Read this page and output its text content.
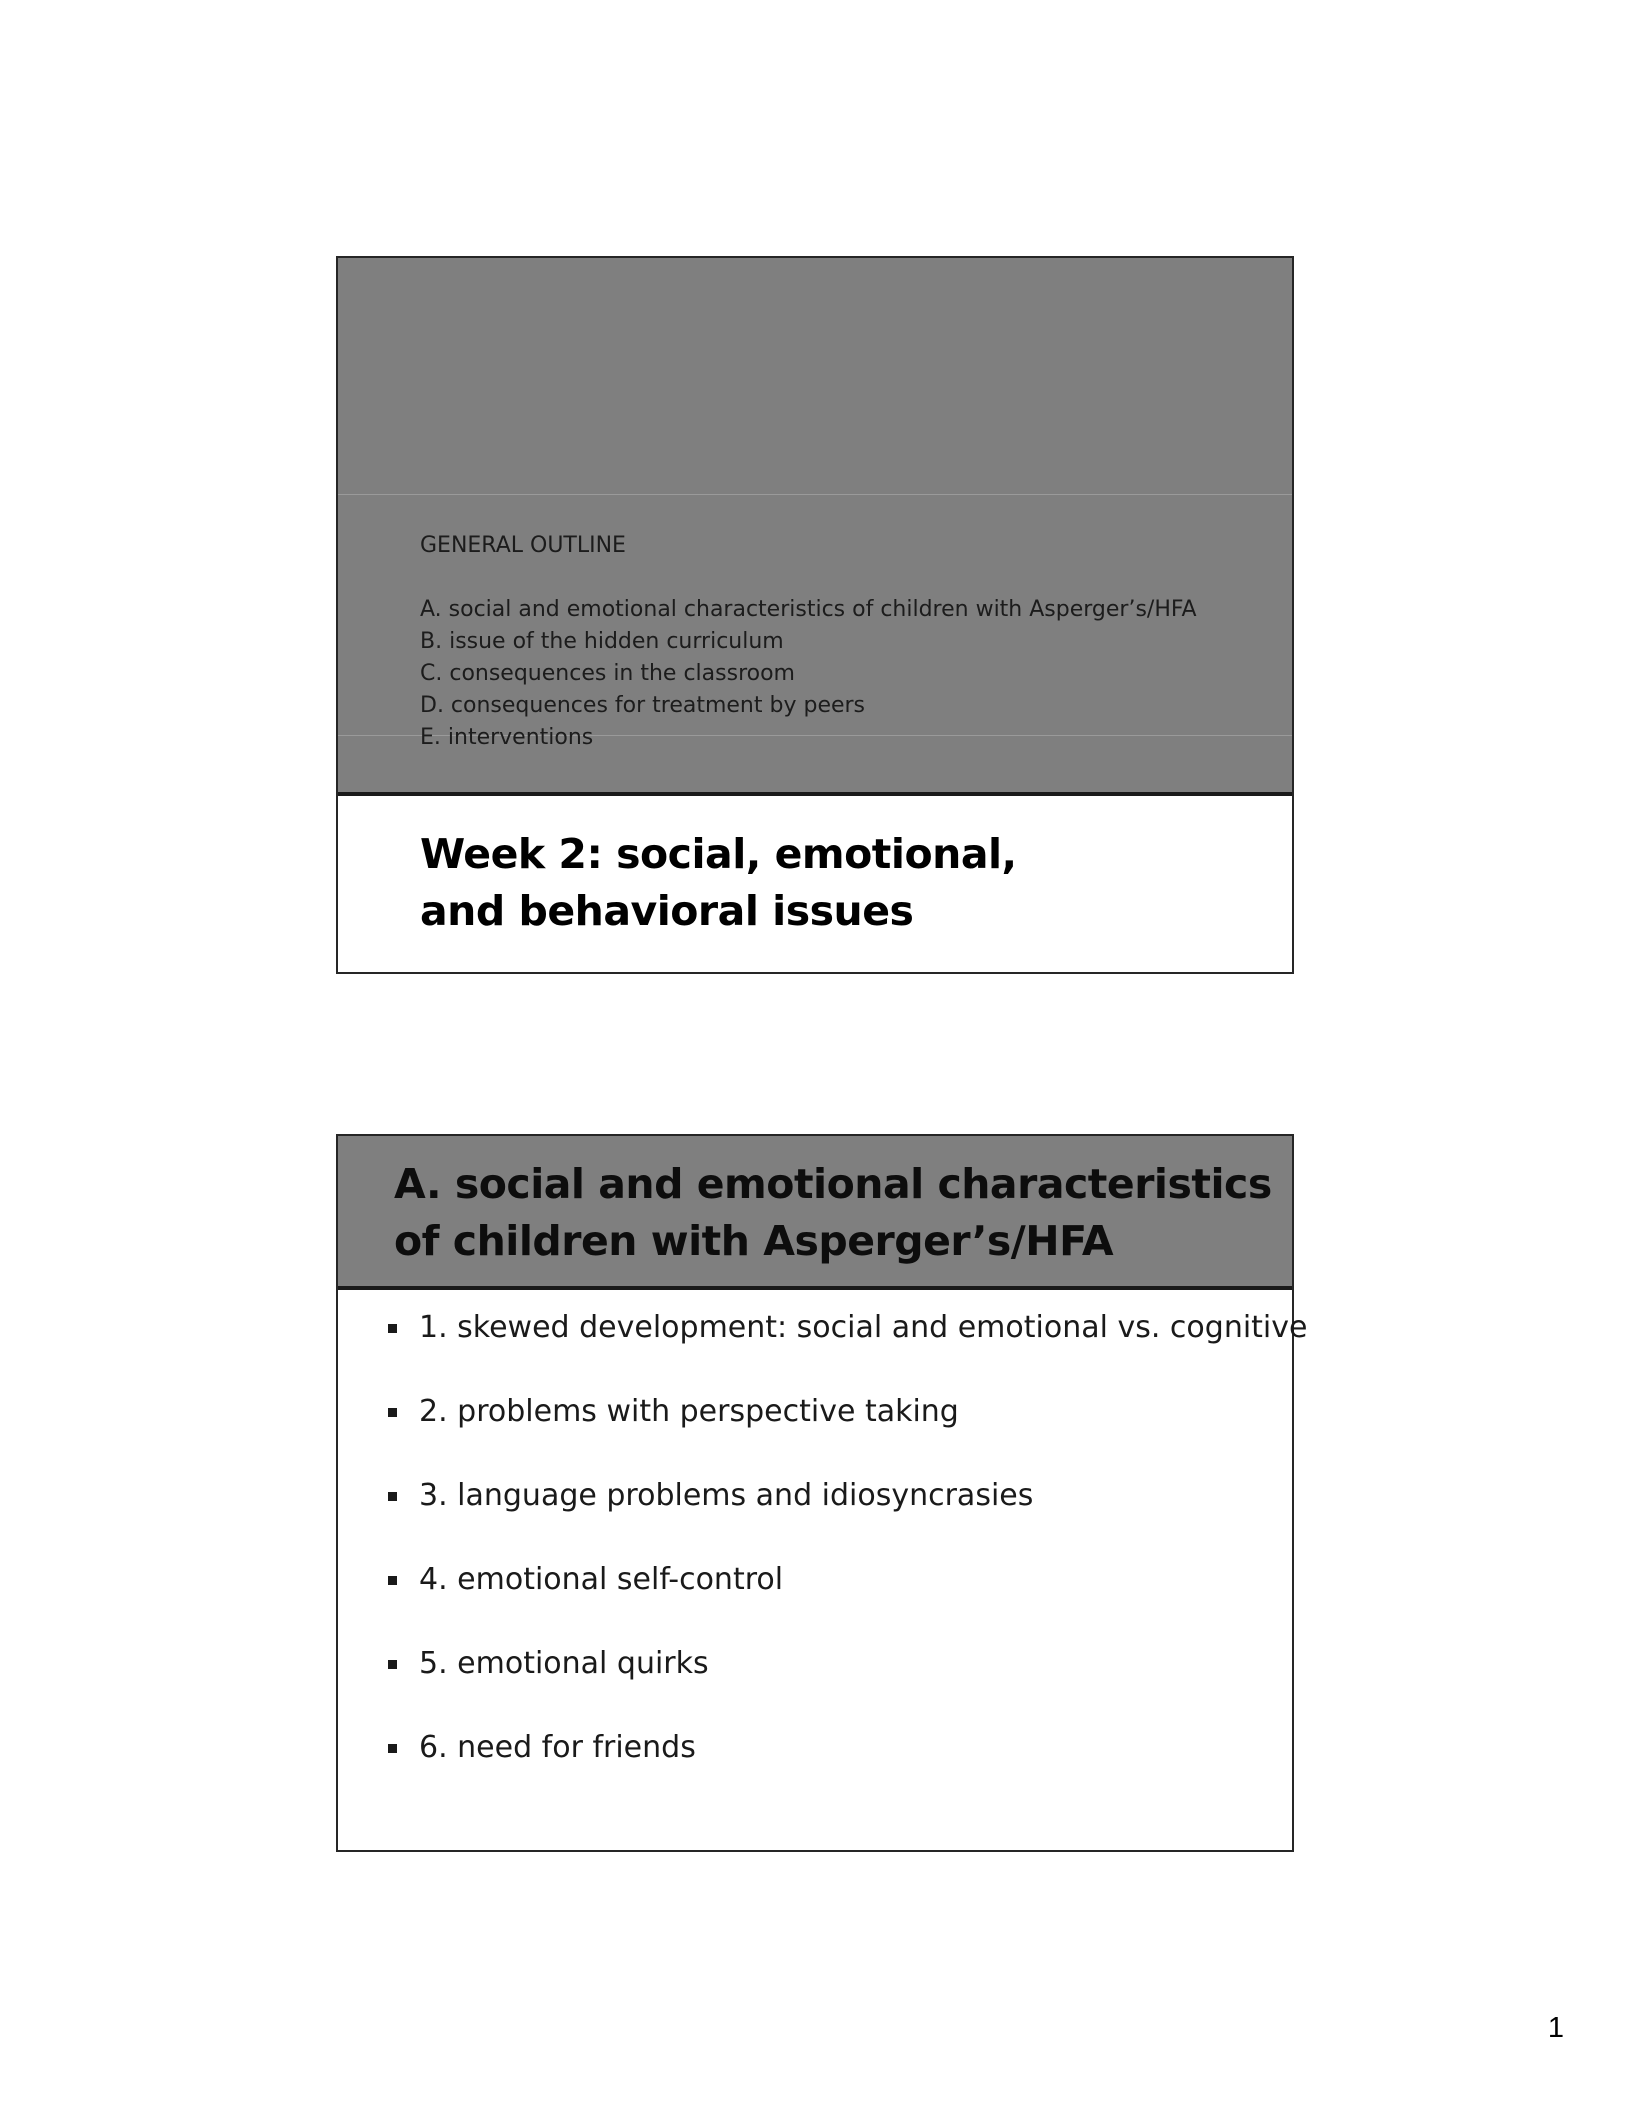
GENERAL OUTLINE
A. social and emotional characteristics of children with Asperger’s/HFA
B. issue of the hidden curriculum
C. consequences in the classroom
D. consequences for treatment by peers
E. interventions
Week 2: social, emotional,
and behavioral issues
A. social and emotional characteristics
of children with Asperger’s/HFA
1. skewed development: social and emotional vs. cognitive
2. problems with perspective taking
3. language problems and idiosyncrasies
4. emotional self-control
5. emotional quirks
6. need for friends
1
